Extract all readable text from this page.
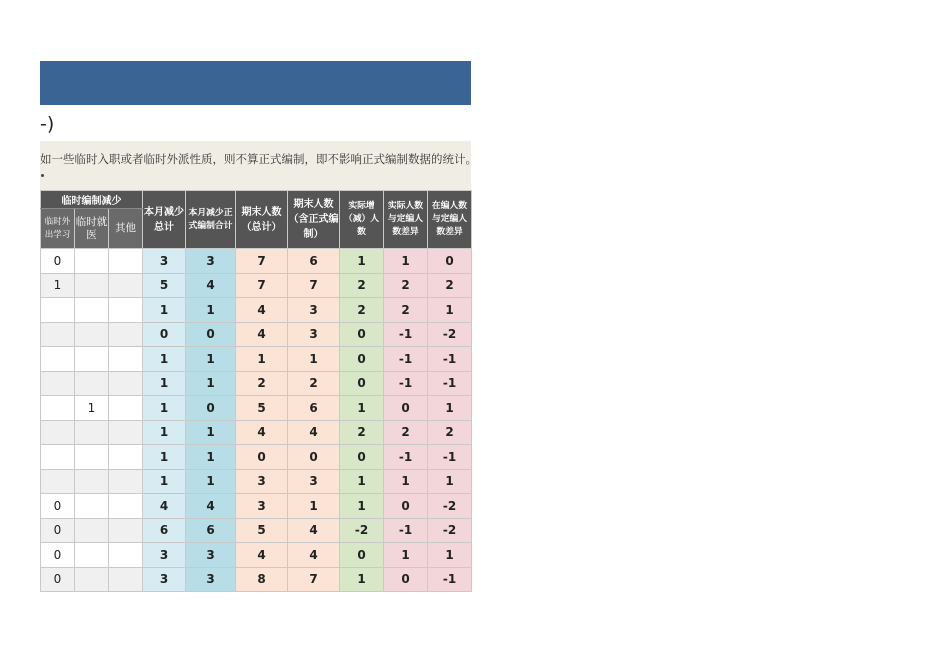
-)
如一些临时入职或者临时外派性质，则不算正式编制，即不影响正式编制数据的统计。
临时编制减少			本月减少总计	本月减少正式编制合计	期末人数（总计）	期末人数（含正式编制）	实际增（减）人数	实际人数与定编人数差异	在编人数与定编人数差异
临时外出学习	临时就医	其他							
0			3	3	7	6	1	1	0
1			5	4	7	7	2	2	2
			1	1	4	3	2	2	1
			0	0	4	3	0	-1	-2
			1	1	1	1	0	-1	-1
			1	1	2	2	0	-1	-1
	1		1	0	5	6	1	0	1
			1	1	4	4	2	2	2
			1	1	0	0	0	-1	-1
			1	1	3	3	1	1	1
0			4	4	3	1	1	0	-2
0			6	6	5	4	-2	-1	-2
0			3	3	4	4	0	1	1
0			3	3	8	7	1	0	-1
